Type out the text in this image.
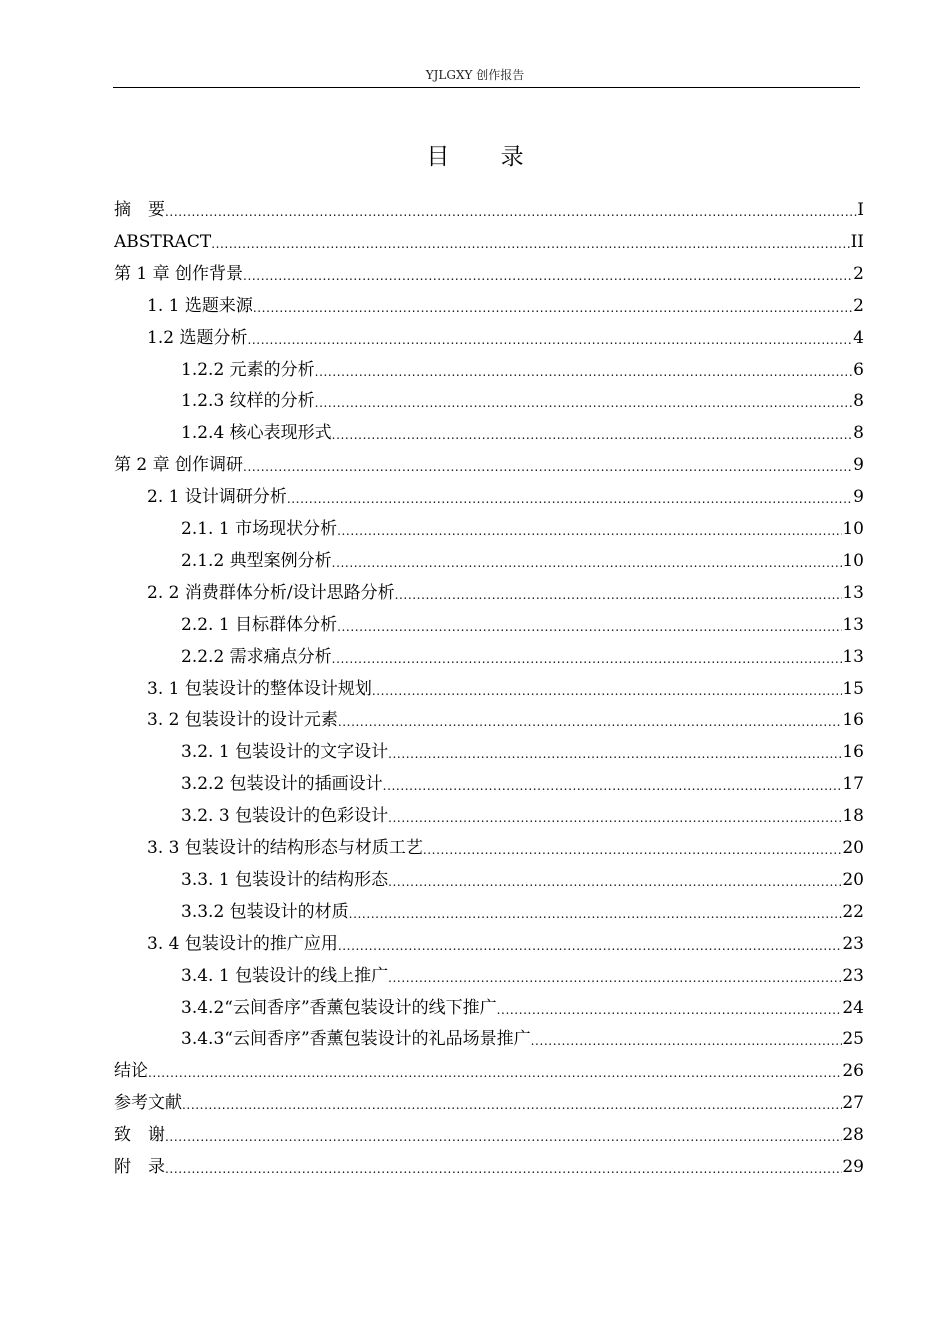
YJLGXY 创作报告
目 录
摘　要 .....	I
ABSTRACT .....	II
第 1 章 创作背景 .....	2
1. 1 选题来源 .....	2
1.2 选题分析 .....	4
1.2.2 元素的分析 .....	6
1.2.3 纹样的分析 .....	8
1.2.4 核心表现形式 .....	8
第 2 章 创作调研 .....	9
2. 1 设计调研分析 .....	9
2.1. 1 市场现状分析 .....	10
2.1.2 典型案例分析 .....	10
2. 2 消费群体分析/设计思路分析 .....	13
2.2. 1 目标群体分析 .....	13
2.2.2 需求痛点分析 .....	13
3. 1 包装设计的整体设计规划 .....	15
3. 2 包装设计的设计元素 .....	16
3.2. 1 包装设计的文字设计 .....	16
3.2.2 包装设计的插画设计 .....	17
3.2. 3 包装设计的色彩设计 .....	18
3. 3 包装设计的结构形态与材质工艺 .....	20
3.3. 1 包装设计的结构形态 .....	20
3.3.2 包装设计的材质 .....	22
3. 4 包装设计的推广应用 .....	23
3.4. 1 包装设计的线上推广 .....	23
3.4.2“云间香序”香薰包装设计的线下推广 .....	24
3.4.3“云间香序”香薰包装设计的礼品场景推广 .....	25
结论 .....	26
参考文献 .....	27
致　谢 .....	28
附　录 .....	29
